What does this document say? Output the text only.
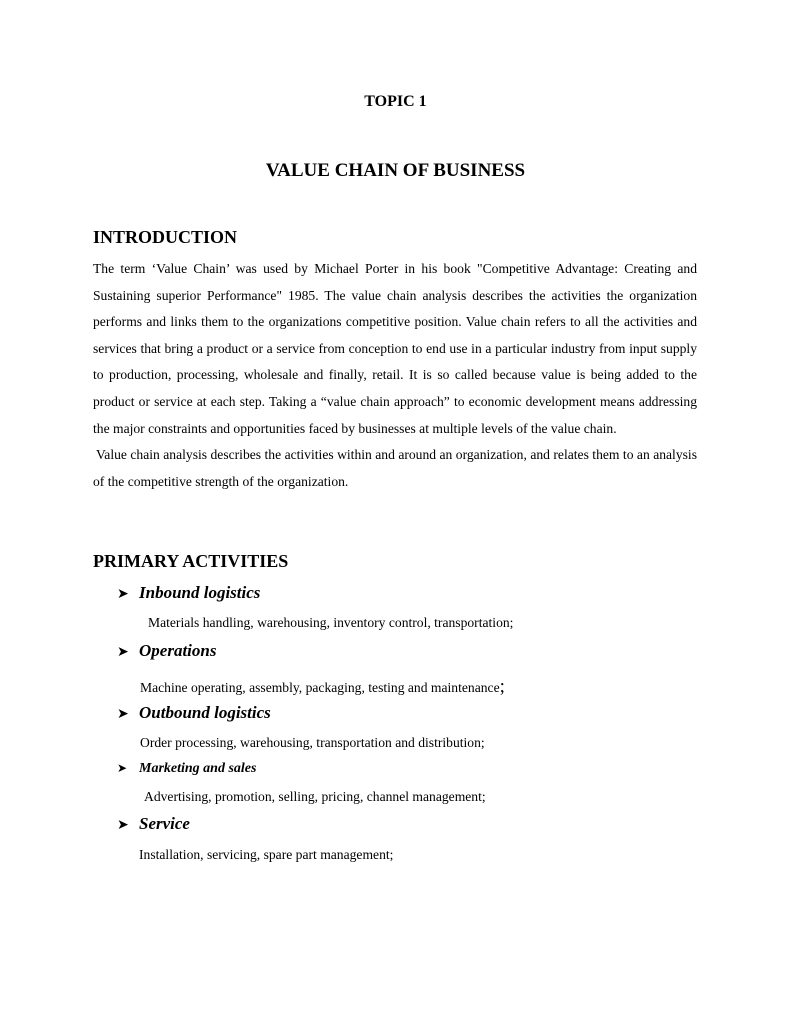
TOPIC 1
VALUE CHAIN OF BUSINESS
INTRODUCTION

The term ‘Value Chain’ was used by Michael Porter in his book "Competitive Advantage: Creating and Sustaining superior Performance" 1985. The value chain analysis describes the activities the organization performs and links them to the organizations competitive position. Value chain refers to all the activities and services that bring a product or a service from conception to end use in a particular industry from input supply to production, processing, wholesale and finally, retail. It is so called because value is being added to the product or service at each step. Taking a “value chain approach” to economic development means addressing the major constraints and opportunities faced by businesses at multiple levels of the value chain.

Value chain analysis describes the activities within and around an organization, and relates them to an analysis of the competitive strength of the organization.

PRIMARY ACTIVITIES
➤ Inbound logistics
Materials handling, warehousing, inventory control, transportation;
➤ Operations
Machine operating, assembly, packaging, testing and maintenance;
➤ Outbound logistics
Order processing, warehousing, transportation and distribution;
➤ Marketing and sales
Advertising, promotion, selling, pricing, channel management;
➤ Service
Installation, servicing, spare part management;
